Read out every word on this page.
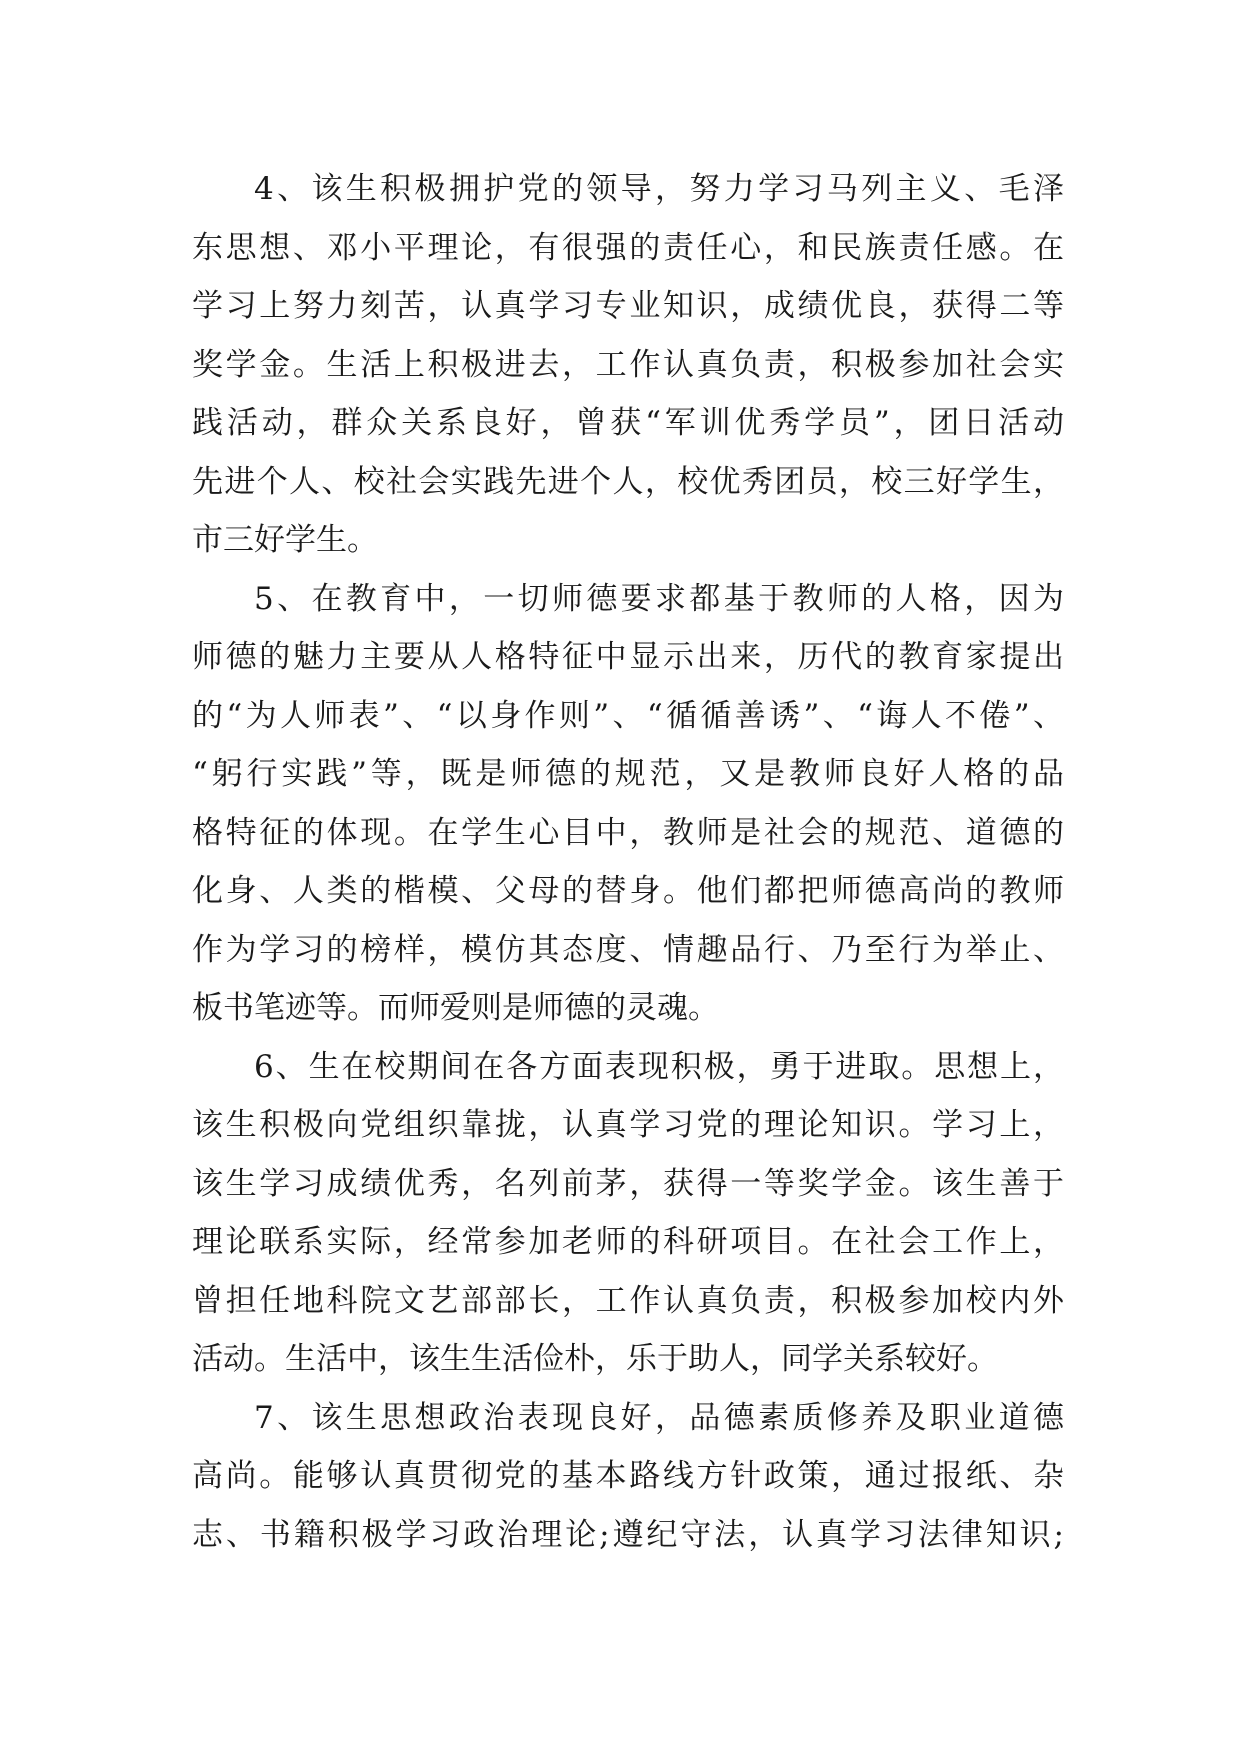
4、该生积极拥护党的领导，努力学习马列主义、毛泽
东思想、邓小平理论，有很强的责任心，和民族责任感。在
学习上努力刻苦，认真学习专业知识，成绩优良，获得二等
奖学金。生活上积极进去，工作认真负责，积极参加社会实
践活动，群众关系良好，曾获“军训优秀学员”，团日活动
先进个人、校社会实践先进个人，校优秀团员，校三好学生，
市三好学生。

5、在教育中，一切师德要求都基于教师的人格，因为
师德的魅力主要从人格特征中显示出来，历代的教育家提出
的“为人师表”、“以身作则”、“循循善诱”、“诲人不倦”、
“躬行实践”等，既是师德的规范，又是教师良好人格的品
格特征的体现。在学生心目中，教师是社会的规范、道德的
化身、人类的楷模、父母的替身。他们都把师德高尚的教师
作为学习的榜样，模仿其态度、情趣品行、乃至行为举止、
板书笔迹等。而师爱则是师德的灵魂。

6、生在校期间在各方面表现积极，勇于进取。思想上，
该生积极向党组织靠拢，认真学习党的理论知识。学习上，
该生学习成绩优秀，名列前茅，获得一等奖学金。该生善于
理论联系实际，经常参加老师的科研项目。在社会工作上，
曾担任地科院文艺部部长，工作认真负责，积极参加校内外
活动。生活中，该生生活俭朴，乐于助人，同学关系较好。

7、该生思想政治表现良好，品德素质修养及职业道德
高尚。能够认真贯彻党的基本路线方针政策，通过报纸、杂
志、书籍积极学习政治理论;遵纪守法，认真学习法律知识;
